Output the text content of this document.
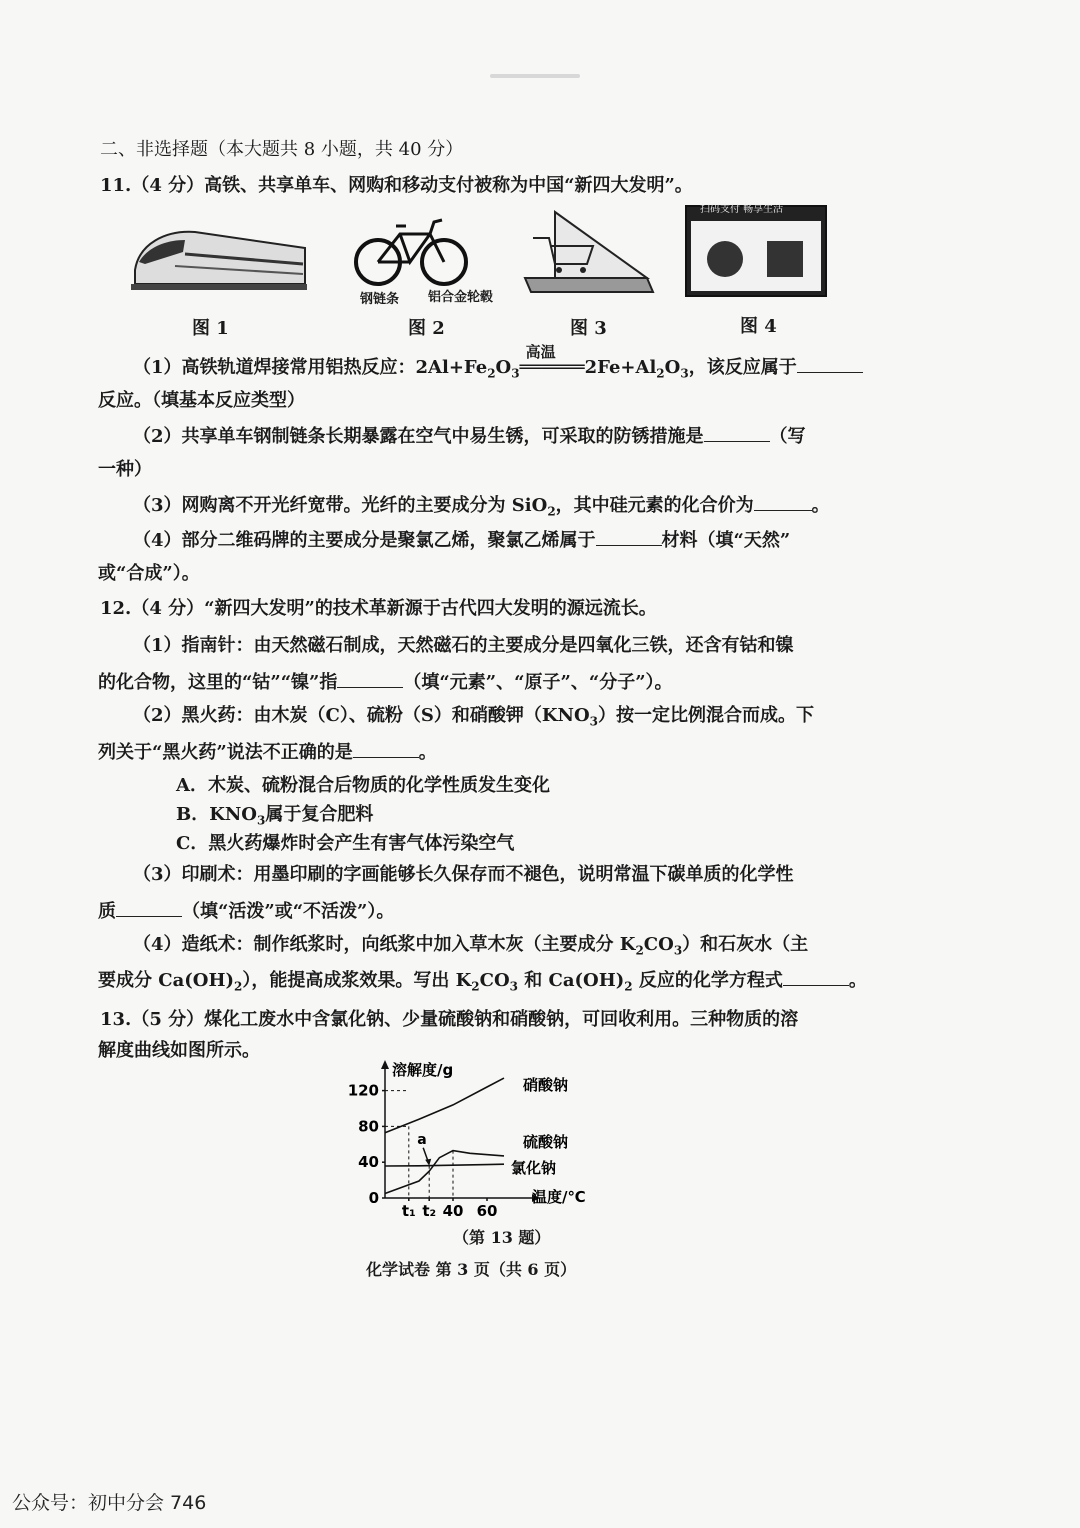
二、非选择题（本大题共 8 小题，共 40 分）
11.（4 分）高铁、共享单车、网购和移动支付被称为中国“新四大发明”。
图 1
钢链条 铝合金轮毂
图 2	图 3
扫码支付 畅享生活
图 4
（1）高铁轨道焊接常用铝热反应：$2Al+Fe_2O_3$
高温
$══════2Fe+Al_2O_3$，该反应属于
反应。（填基本反应类型）
（2）共享单车钢制链条长期暴露在空气中易生锈，可采取的防锈措施是	（写
一种）
（3）网购离不开光纤宽带。光纤的主要成分为 SiO$_2$，其中硅元素的化合价为	。
（4）部分二维码牌的主要成分是聚氯乙烯，聚氯乙烯属于	材料（填“天然”
或“合成”）。
12.（4 分）“新四大发明”的技术革新源于古代四大发明的源远流长。
（1）指南针：由天然磁石制成，天然磁石的主要成分是四氧化三铁，还含有钴和镍
的化合物，这里的“钴”“镍”指	（填“元素”、“原子”、“分子”）。
（2）黑火药：由木炭（C）、硫粉（S）和硝酸钾$(KNO_3)$按一定比例混合而成。下
列关于“黑火药”说法不正确的是	。
A．木炭、硫粉混合后物质的化学性质发生变化
B．$KNO_3$属于复合肥料
C．黑火药爆炸时会产生有害气体污染空气
（3）印刷术：用墨印刷的字画能够长久保存而不褪色，说明常温下碳单质的化学性
质	（填“活泼”或“不活泼”）。
（4）造纸术：制作纸浆时，向纸浆中加入草木灰（主要成分 $K_2CO_3$）和石灰水（主
要成分 $Ca(OH)_2$），能提高成浆效果。写出 $K_2CO_3$ 和 $Ca(OH)_2$ 反应的化学方程式	。
13.（5 分）煤化工废水中含氯化钠、少量硫酸钠和硝酸钠，可回收利用。三种物质的溶
解度曲线如图所示。
溶解度/g
温度/℃
120
80
40
0
t₁ t₂ 40 60
硝酸钠
硫酸钠
氯化钠
a
（第 13 题）
化学试卷 第 3 页（共 6 页）
公众号：初中分会 746
